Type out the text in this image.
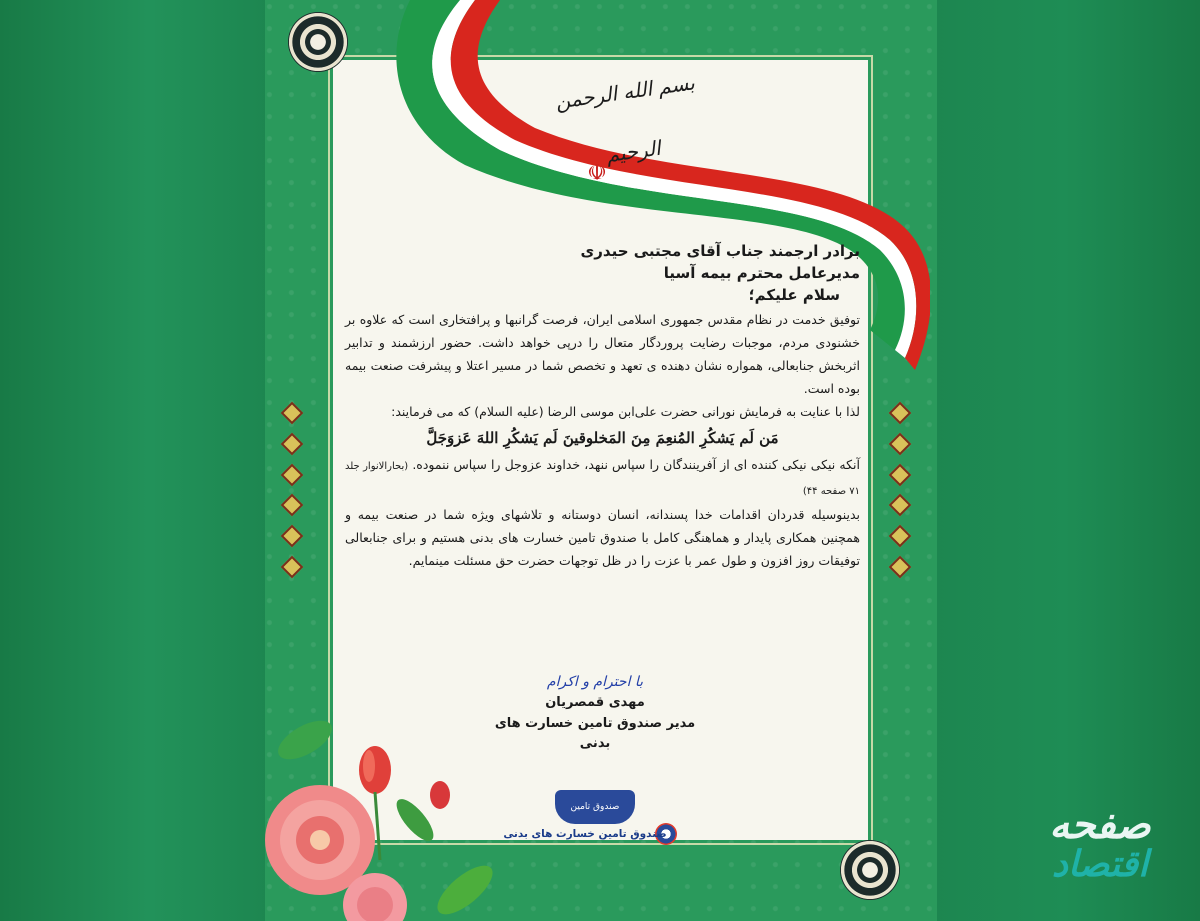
بسم الله الرحمن الرحیم
☫

برادر ارجمند جناب آقای مجتبی حیدری

مدیرعامل محترم بیمه آسیا

سلام علیکم؛

توفیق خدمت در نظام مقدس جمهوری اسلامی ایران، فرصت گرانبها و پرافتخاری است که علاوه بر خشنودی مردم، موجبات رضایت پروردگار متعال را درپی خواهد داشت. حضور ارزشمند و تدابیر اثربخش جنابعالی، همواره نشان دهنده ی تعهد و تخصص شما در مسیر اعتلا و پیشرفت صنعت بیمه بوده است.

لذا با عنایت به فرمایش نورانی حضرت علی‌ابن موسی الرضا (علیه السلام) که می فرمایند:

مَن لَم یَشکُرِ المُنعِمَ مِنَ المَخلوقینَ لَم یَشکُرِ اللهَ عَزوَجَلَّ

آنکه نیکی نیکی کننده ای از آفرینندگان را سپاس ننهد، خداوند عزوجل را سپاس ننموده. (بحارالانوار جلد ۷۱ صفحه ۴۴)

بدینوسیله قدردان اقدامات خدا پسندانه، انسان دوستانه و تلاشهای ویژه شما در صنعت بیمه و همچنین همکاری پایدار و هماهنگی کامل با صندوق تامین خسارت های بدنی هستیم و برای جنابعالی توفیقات روز افزون و طول عمر با عزت را در ظل توجهات حضرت حق مسئلت مینمایم.

با احترام و اکرام
مهدی قمصریان
مدیر صندوق تامین خسارت های بدنی
صندوق تامین
صندوق تامین خسارت های بدنی	صفحه
اقتصاد
